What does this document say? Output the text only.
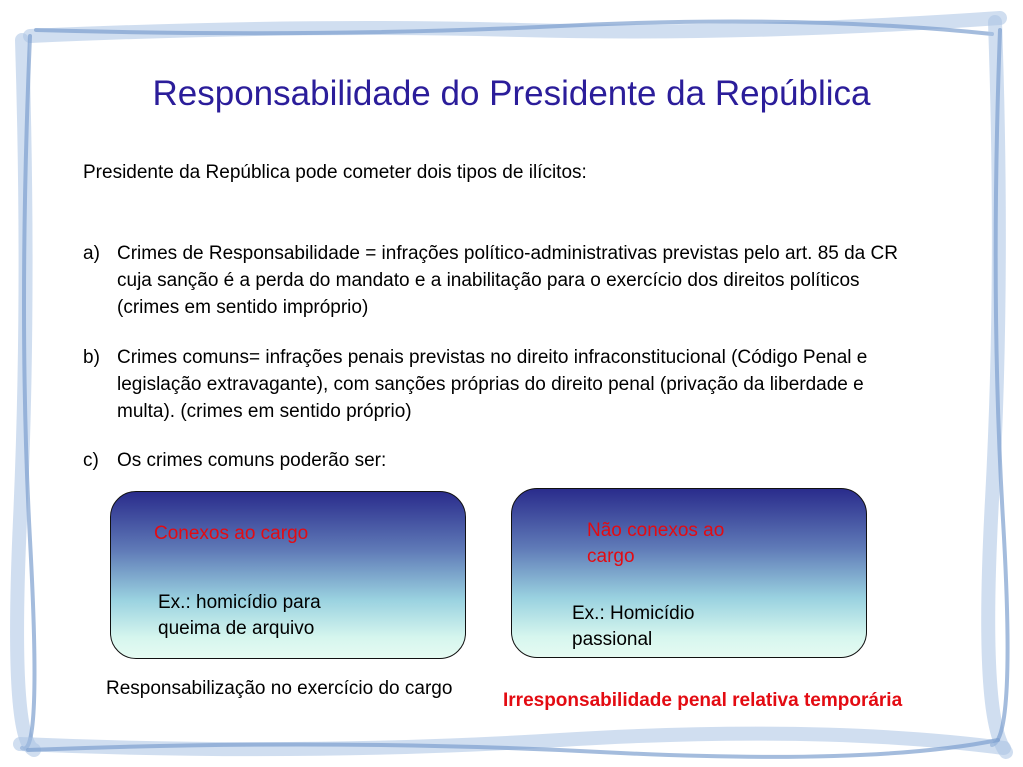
Responsabilidade do Presidente da República
Presidente da República pode cometer dois tipos de ilícitos:
a) Crimes de Responsabilidade = infrações político-administrativas previstas pelo art. 85 da CR cuja sanção é a perda do mandato e a inabilitação para o exercício dos direitos políticos (crimes em sentido impróprio)
b) Crimes comuns= infrações penais previstas no direito infraconstitucional (Código Penal e legislação extravagante), com sanções próprias do direito penal (privação da liberdade e multa). (crimes em sentido próprio)
c) Os crimes comuns poderão ser:
Conexos ao cargo
Ex.: homicídio para queima de arquivo
Não conexos ao cargo
Ex.: Homicídio passional
Responsabilização no exercício do cargo
Irresponsabilidade penal relativa temporária
